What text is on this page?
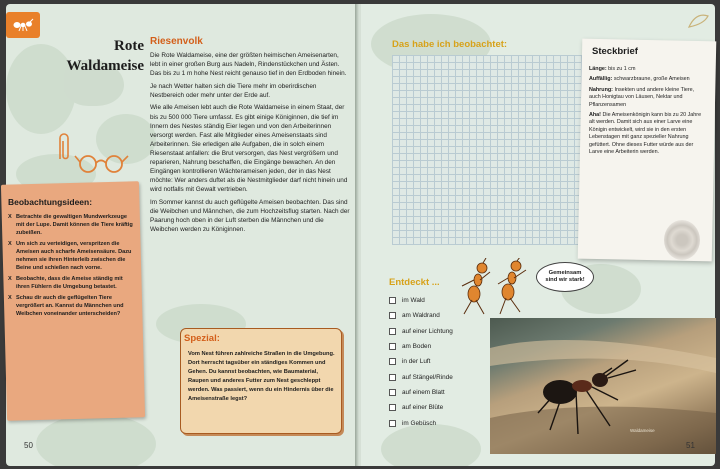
Rote
Waldameise
Riesenvolk

Die Rote Waldameise, eine der größten heimischen Ameisenarten, lebt in einer großen Burg aus Nadeln, Rindenstückchen und Ästen. Das bis zu 1 m hohe Nest reicht genauso tief in den Erdboden hinein.

Je nach Wetter halten sich die Tiere mehr im oberirdischen Nestbereich oder mehr unter der Erde auf.

Wie alle Ameisen lebt auch die Rote Waldameise in einem Staat, der bis zu 500 000 Tiere umfasst. Es gibt einige Königinnen, die tief im Innern des Nestes ständig Eier legen und von den Arbeiterinnen versorgt werden. Fast alle Mitglieder eines Ameisenstaats sind Arbeiterinnen. Sie erledigen alle Aufgaben, die in solch einem Riesenstaat anfallen: die Brut versorgen, das Nest vergrößern und reparieren, Nahrung beschaffen, die Eingänge bewachen. An den Eingängen kontrollieren Wächterameisen jeden, der in das Nest möchte: Wer anders duftet als die Nestmitglieder darf nicht hinein und wird notfalls mit Gewalt vertrieben.

Im Sommer kannst du auch geflügelte Ameisen beobachten. Das sind die Weibchen und Männchen, die zum Hochzeitsflug starten. Nach der Paarung hoch oben in der Luft sterben die Männchen und die Weibchen werden zu Königinnen.

Beobachtungsideen:
X Betrachte die gewaltigen Mundwerkzeuge mit der Lupe. Damit können die Tiere kräftig zubeißen.
X Um sich zu verteidigen, verspritzen die Ameisen auch scharfe Ameisensäure. Dazu nehmen sie ihren Hinterleib zwischen die Beine und schießen nach vorne.
X Beobachte, dass die Ameise ständig mit ihren Fühlern die Umgebung betastet.
X Schau dir auch die geflügelten Tiere vergrößert an. Kannst du Männchen und Weibchen voneinander unterscheiden?
Spezial:
Vom Nest führen zahlreiche Straßen in die Umgebung. Dort herrscht tagsüber ein ständiges Kommen und Gehen. Du kannst beobachten, wie Baumaterial, Raupen und anderes Futter zum Nest geschleppt werden. Was passiert, wenn du ein Hindernis über die Ameisenstraße legst?
50
Das habe ich beobachtet:
Steckbrief

Länge: bis zu 1 cm

Auffällig: schwarzbraune, große Ameisen

Nahrung: Insekten und andere kleine Tiere, auch Honigtau von Läusen, Nektar und Pflanzensamen

Aha! Die Ameisenkönigin kann bis zu 20 Jahre alt werden. Damit sich aus einer Larve eine Königin entwickelt, wird sie in den ersten Lebenstagen mit ganz spezieller Nahrung gefüttert. Ohne dieses Futter würde aus der Larve eine Arbeiterin werden.

Gemeinsam
sind wir stark!
Entdeckt ...
im Wald
am Waldrand
auf einer Lichtung
am Boden
in der Luft
auf Stängel/Rinde
auf einem Blatt
auf einer Blüte
im Gebüsch
Waldameise
51
